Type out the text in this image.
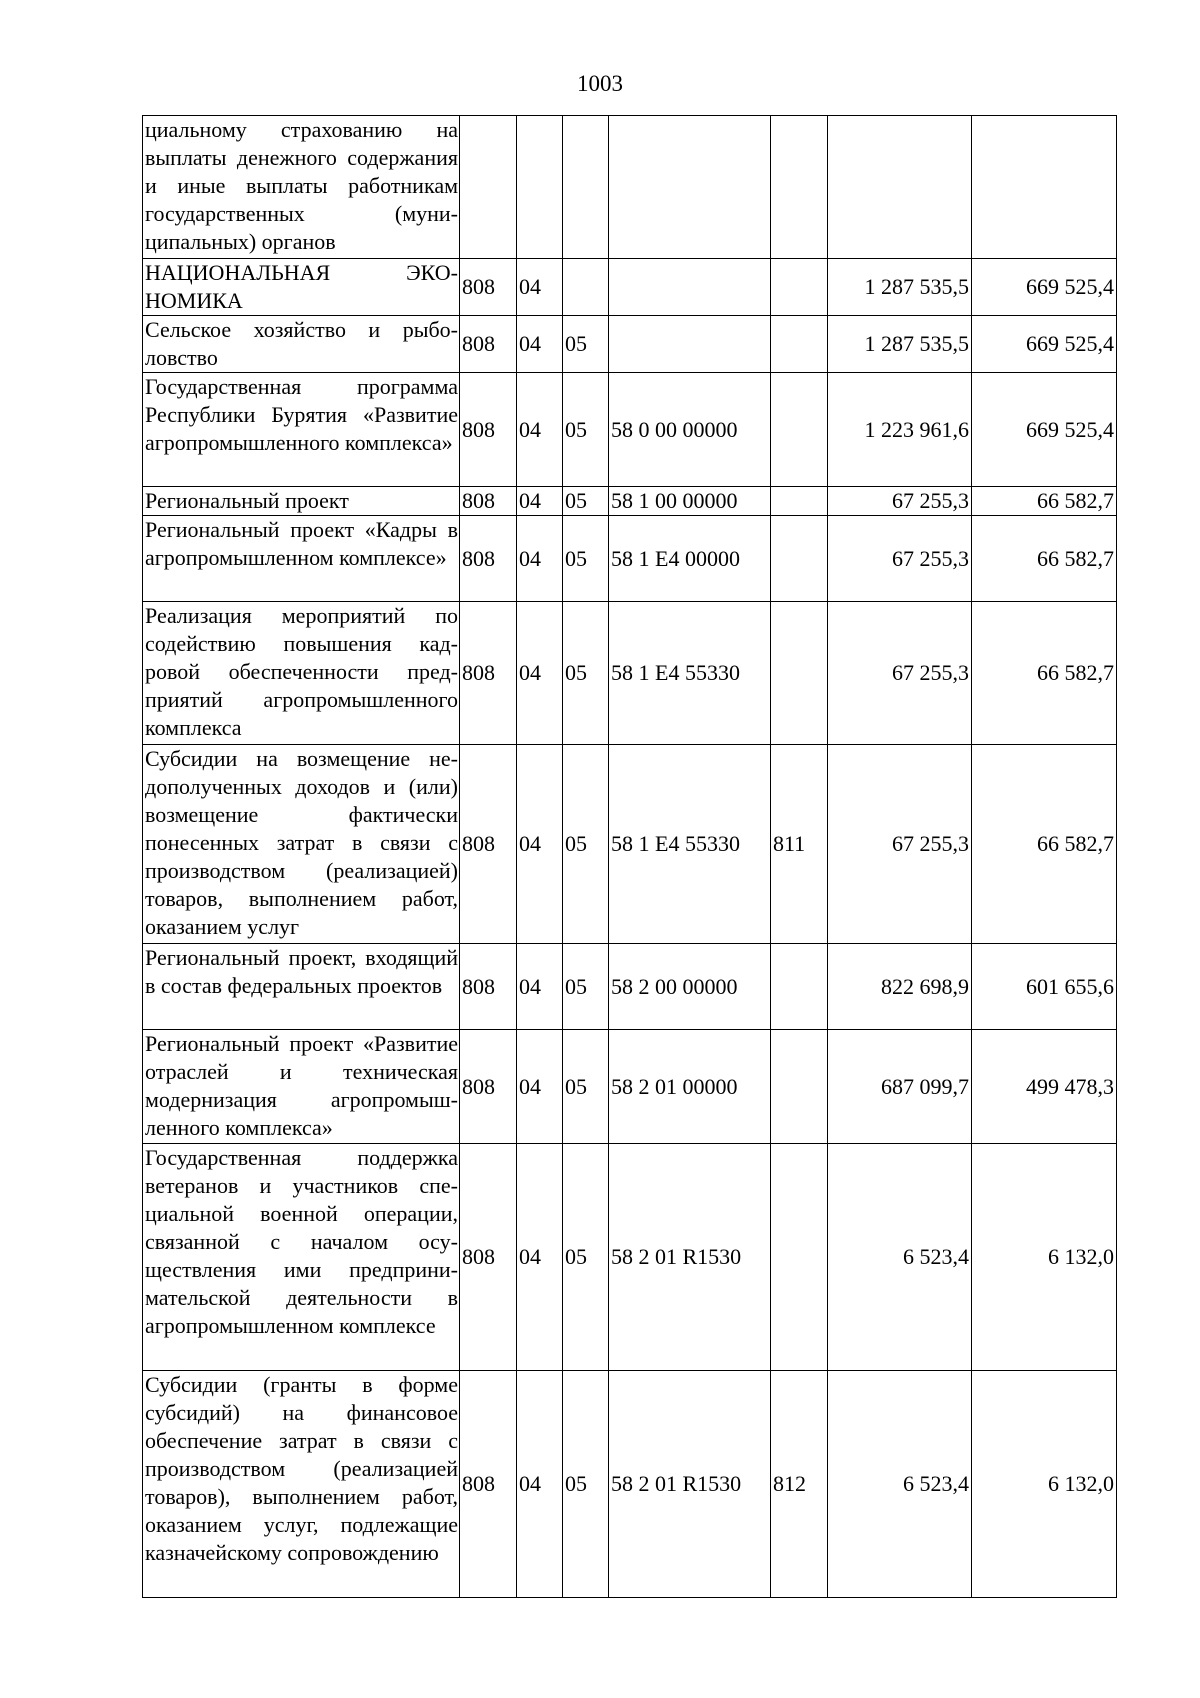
1003
циальному страхованию на выплаты денежного содержания и иные выплаты работникам государственных (муниципальных) органов							
НАЦИОНАЛЬНАЯ ЭКОНОМИКА	808	04				1 287 535,5	669 525,4
Сельское хозяйство и рыболовство	808	04	05			1 287 535,5	669 525,4
Государственная программа Республики Бурятия «Развитие агропромышленного комплекса»	808	04	05	58 0 00 00000		1 223 961,6	669 525,4
Региональный проект	808	04	05	58 1 00 00000		67 255,3	66 582,7
Региональный проект «Кадры в агропромышленном комплексе»	808	04	05	58 1 E4 00000		67 255,3	66 582,7
Реализация мероприятий по содействию повышения кадровой обеспеченности предприятий агропромышленного комплекса	808	04	05	58 1 E4 55330		67 255,3	66 582,7
Субсидии на возмещение недополученных доходов и (или) возмещение фактически понесенных затрат в связи с производством (реализацией) товаров, выполнением работ, оказанием услуг	808	04	05	58 1 E4 55330	811	67 255,3	66 582,7
Региональный проект, входящий в состав федеральных проектов	808	04	05	58 2 00 00000		822 698,9	601 655,6
Региональный проект «Развитие отраслей и техническая модернизация агропромышленного комплекса»	808	04	05	58 2 01 00000		687 099,7	499 478,3
Государственная поддержка ветеранов и участников специальной военной операции, связанной с началом осуществления ими предпринимательской деятельности в агропромышленном комплексе	808	04	05	58 2 01 R1530		6 523,4	6 132,0
Субсидии (гранты в форме субсидий) на финансовое обеспечение затрат в связи с производством (реализацией товаров), выполнением работ, оказанием услуг, подлежащие казначейскому сопровождению	808	04	05	58 2 01 R1530	812	6 523,4	6 132,0
